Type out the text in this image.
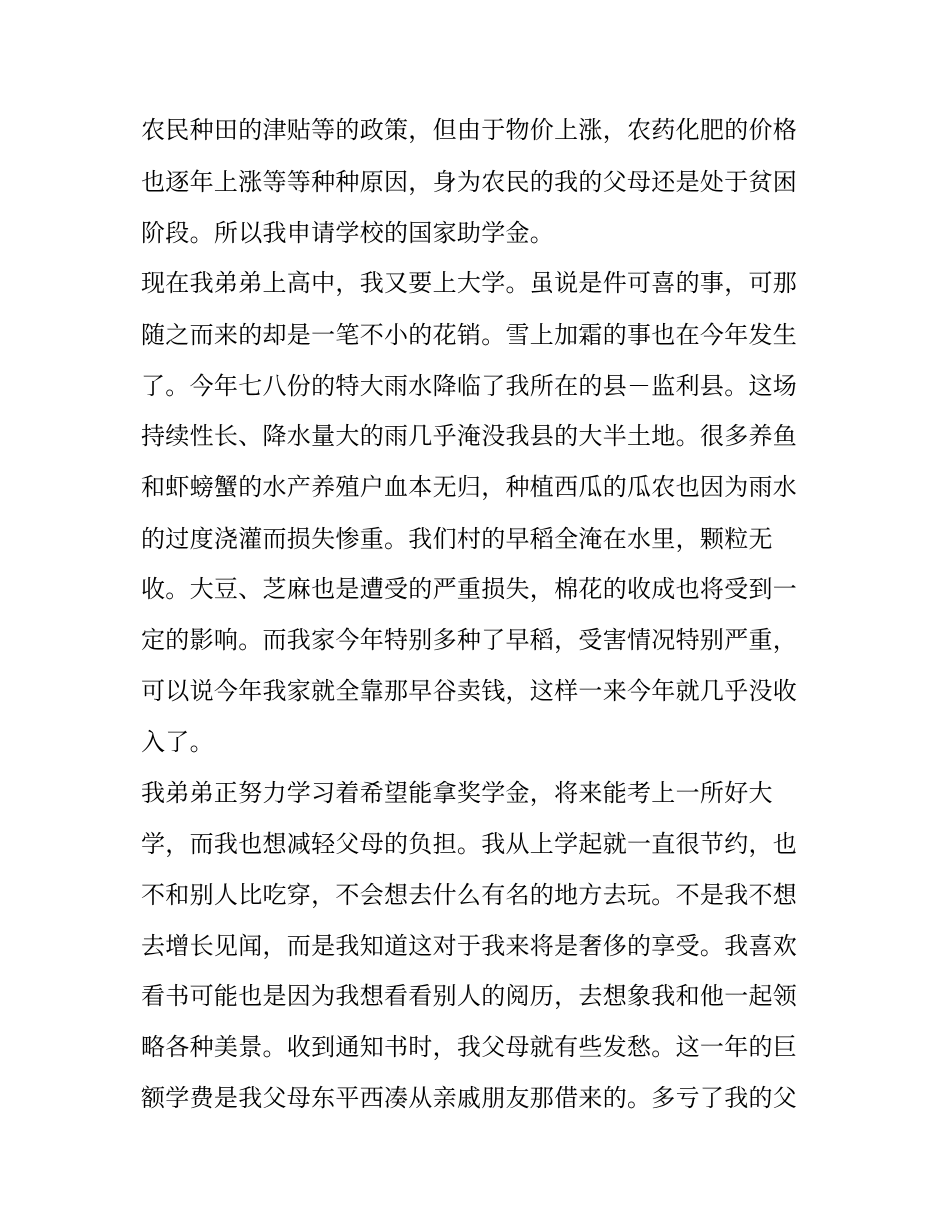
农民种田的津贴等的政策，但由于物价上涨，农药化肥的价格
也逐年上涨等等种种原因，身为农民的我的父母还是处于贫困
阶段。所以我申请学校的国家助学金。
现在我弟弟上高中，我又要上大学。虽说是件可喜的事，可那
随之而来的却是一笔不小的花销。雪上加霜的事也在今年发生
了。今年七八份的特大雨水降临了我所在的县－监利县。这场
持续性长、降水量大的雨几乎淹没我县的大半土地。很多养鱼
和虾螃蟹的水产养殖户血本无归，种植西瓜的瓜农也因为雨水
的过度浇灌而损失惨重。我们村的早稻全淹在水里，颗粒无
收。大豆、芝麻也是遭受的严重损失，棉花的收成也将受到一
定的影响。而我家今年特别多种了早稻，受害情况特别严重，
可以说今年我家就全靠那早谷卖钱，这样一来今年就几乎没收
入了。
我弟弟正努力学习着希望能拿奖学金，将来能考上一所好大
学，而我也想减轻父母的负担。我从上学起就一直很节约，也
不和别人比吃穿，不会想去什么有名的地方去玩。不是我不想
去增长见闻，而是我知道这对于我来将是奢侈的享受。我喜欢
看书可能也是因为我想看看别人的阅历，去想象我和他一起领
略各种美景。收到通知书时，我父母就有些发愁。这一年的巨
额学费是我父母东平西凑从亲戚朋友那借来的。多亏了我的父
